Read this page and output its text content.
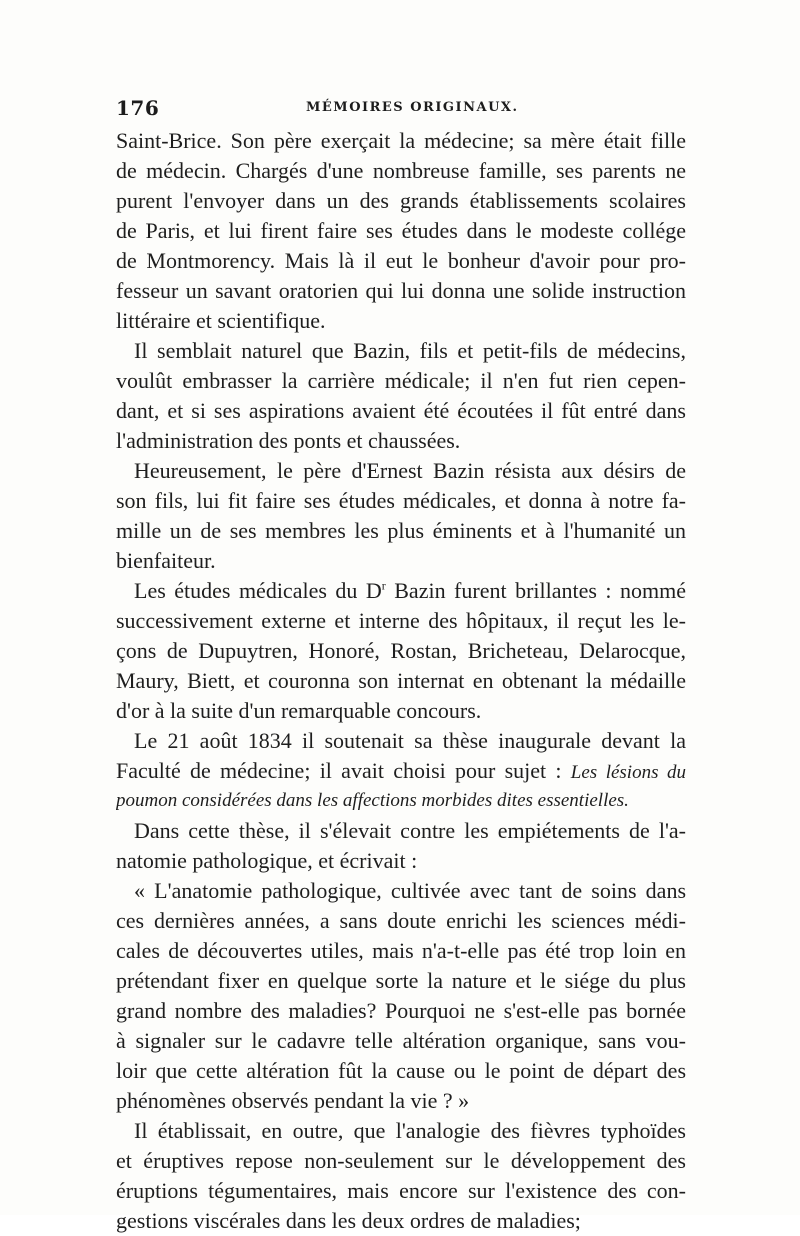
176	MÉMOIRES ORIGINAUX.
Saint-Brice. Son père exerçait la médecine; sa mère était fille
de médecin. Chargés d'une nombreuse famille, ses parents ne
purent l'envoyer dans un des grands établissements scolaires
de Paris, et lui firent faire ses études dans le modeste collége
de Montmorency. Mais là il eut le bonheur d'avoir pour pro-
fesseur un savant oratorien qui lui donna une solide instruction
littéraire et scientifique.
Il semblait naturel que Bazin, fils et petit-fils de médecins,
voulût embrasser la carrière médicale; il n'en fut rien cepen-
dant, et si ses aspirations avaient été écoutées il fût entré dans
l'administration des ponts et chaussées.
Heureusement, le père d'Ernest Bazin résista aux désirs de
son fils, lui fit faire ses études médicales, et donna à notre fa-
mille un de ses membres les plus éminents et à l'humanité un
bienfaiteur.
Les études médicales du $D^r$ Bazin furent brillantes : nommé
successivement externe et interne des hôpitaux, il reçut les le-
çons de Dupuytren, Honoré, Rostan, Bricheteau, Delarocque,
Maury, Biett, et couronna son internat en obtenant la médaille
d'or à la suite d'un remarquable concours.
Le 21 août 1834 il soutenait sa thèse inaugurale devant la
Faculté de médecine; il avait choisi pour sujet : Les lésions du
poumon considérées dans les affections morbides dites essentielles.
Dans cette thèse, il s'élevait contre les empiétements de l'a-
natomie pathologique, et écrivait :
« L'anatomie pathologique, cultivée avec tant de soins dans
ces dernières années, a sans doute enrichi les sciences médi-
cales de découvertes utiles, mais n'a-t-elle pas été trop loin en
prétendant fixer en quelque sorte la nature et le siége du plus
grand nombre des maladies? Pourquoi ne s'est-elle pas bornée
à signaler sur le cadavre telle altération organique, sans vou-
loir que cette altération fût la cause ou le point de départ des
phénomènes observés pendant la vie ? »
Il établissait, en outre, que l'analogie des fièvres typhoïdes
et éruptives repose non-seulement sur le développement des
éruptions tégumentaires, mais encore sur l'existence des con-
gestions viscérales dans les deux ordres de maladies;
